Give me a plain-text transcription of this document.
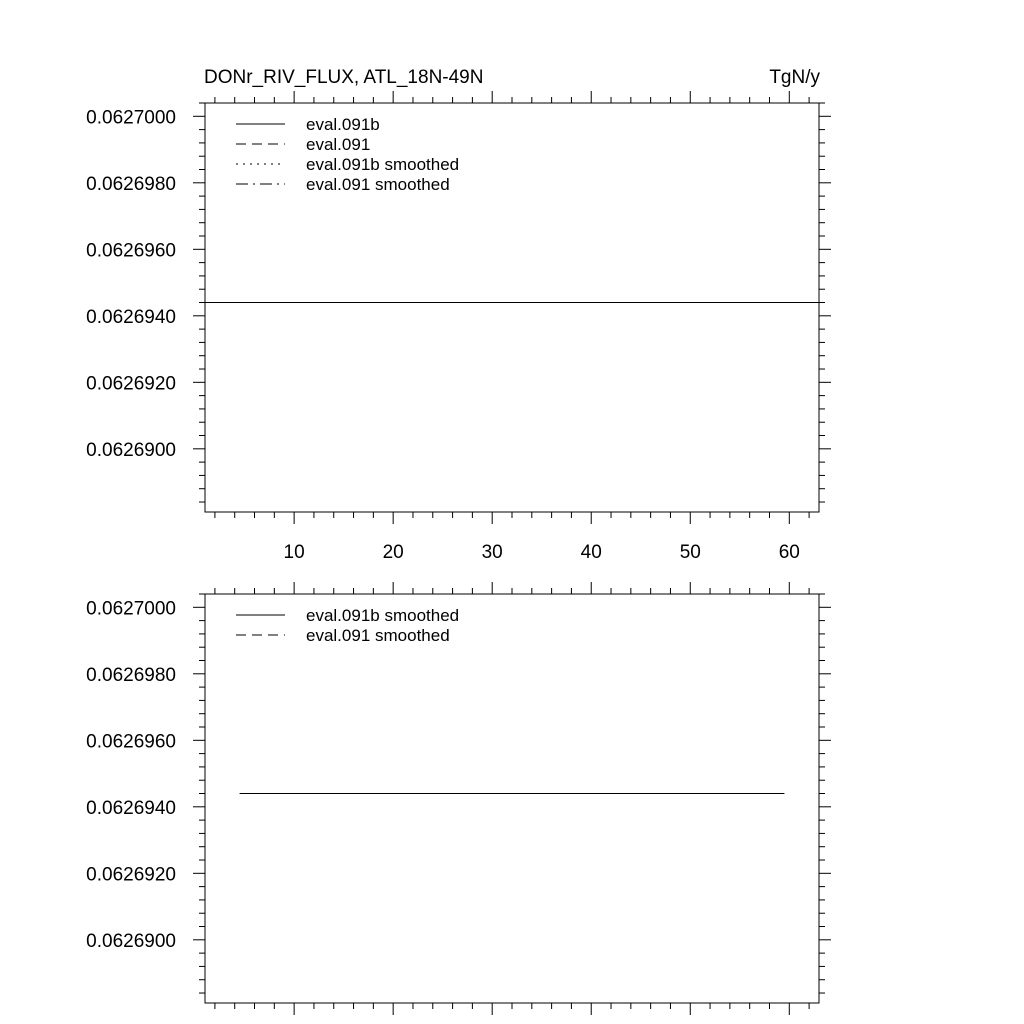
DONr_RIV_FLUX, ATL_18N-49N	TgN/y
0.0627000
0.0626980
0.0626960
0.0626940
0.0626920
0.0626900
10	20	30	40	50	60
eval.091b
eval.091
eval.091b smoothed
eval.091 smoothed
0.0627000
0.0626980
0.0626960
0.0626940
0.0626920
0.0626900
eval.091b smoothed
eval.091 smoothed
